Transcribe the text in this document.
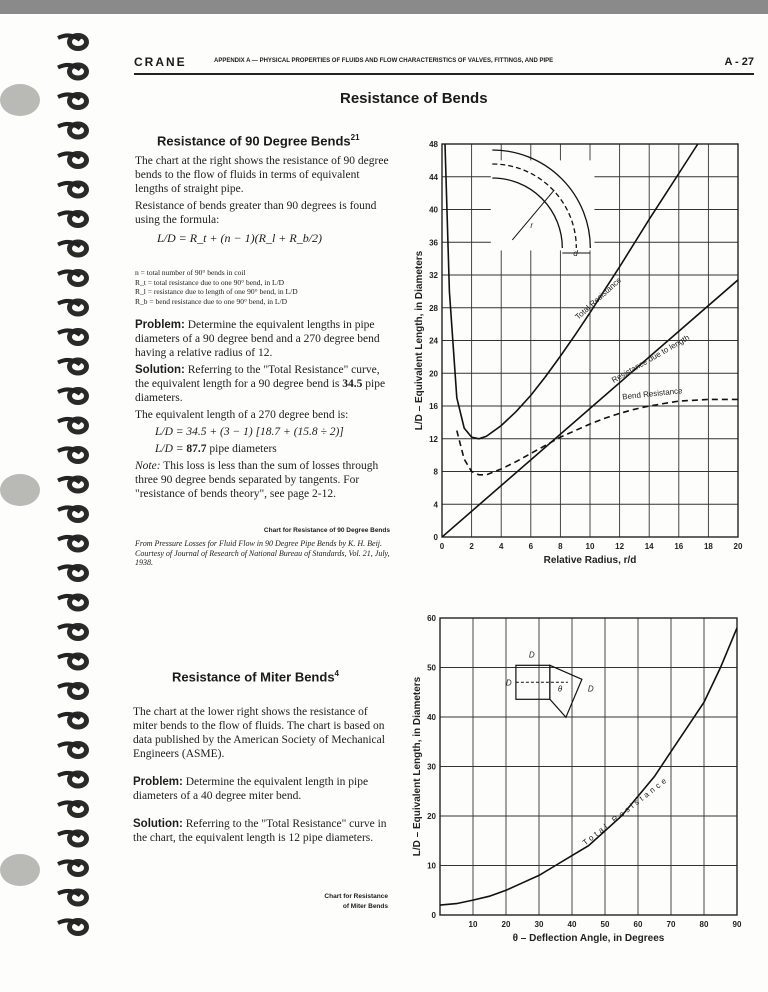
CRANE	APPENDIX A — PHYSICAL PROPERTIES OF FLUIDS AND FLOW CHARACTERISTICS OF VALVES, FITTINGS, AND PIPE	A - 27
Resistance of Bends
Resistance of 90 Degree Bends$^{21}$

The chart at the right shows the resistance of 90 degree bends to the flow of fluids in terms of equivalent lengths of straight pipe.

Resistance of bends greater than 90 degrees is found using the formula:

L/D = R_t + (n − 1)(R_l + R_b/2)
n = total number of 90° bends in coil
R_t = total resistance due to one 90° bend, in L/D
R_l = resistance due to length of one 90° bend, in L/D
R_b = bend resistance due to one 90° bend, in L/D

Problem: Determine the equivalent lengths in pipe diameters of a 90 degree bend and a 270 degree bend having a relative radius of 12.

Solution: Referring to the "Total Resistance" curve, the equivalent length for a 90 degree bend is 34.5 pipe diameters.

The equivalent length of a 270 degree bend is:

L/D = 34.5 + (3 − 1) [18.7 + (15.8 ÷ 2)]

L/D = 87.7 pipe diameters

Note: This loss is less than the sum of losses through three 90 degree bends separated by tangents. For "resistance of bends theory", see page 2-12.

Chart for Resistance of 90 Degree Bends
From Pressure Losses for Fluid Flow in 90 Degree Pipe Bends by K. H. Beij. Courtesy of Journal of Research of National Bureau of Standards, Vol. 21, July, 1938.
Resistance of Miter Bends$^4$

The chart at the lower right shows the resistance of miter bends to the flow of fluids. The chart is based on data published by the American Society of Mechanical Engineers (ASME).

Problem: Determine the equivalent length in pipe diameters of a 40 degree miter bend.

Solution: Referring to the "Total Resistance" curve in the chart, the equivalent length is 12 pipe diameters.

Chart for Resistance of Miter Bends
0	2	4	6	8	10	12	14	16	18	20
0
4
8
12
16
20
24
28
32
36
40
44
48
Relative Radius, r/d
L/D – Equivalent Length, in Diameters	Total Resistance
Resistance due to length
Bend Resistance
r
d
10	20	30	40	50	60	70	80	90
0
10
20
30
40
50
60
θ – Deflection Angle, in Degrees
L/D – Equivalent Length, in Diameters	Total Resistance
D
D
D
θ
